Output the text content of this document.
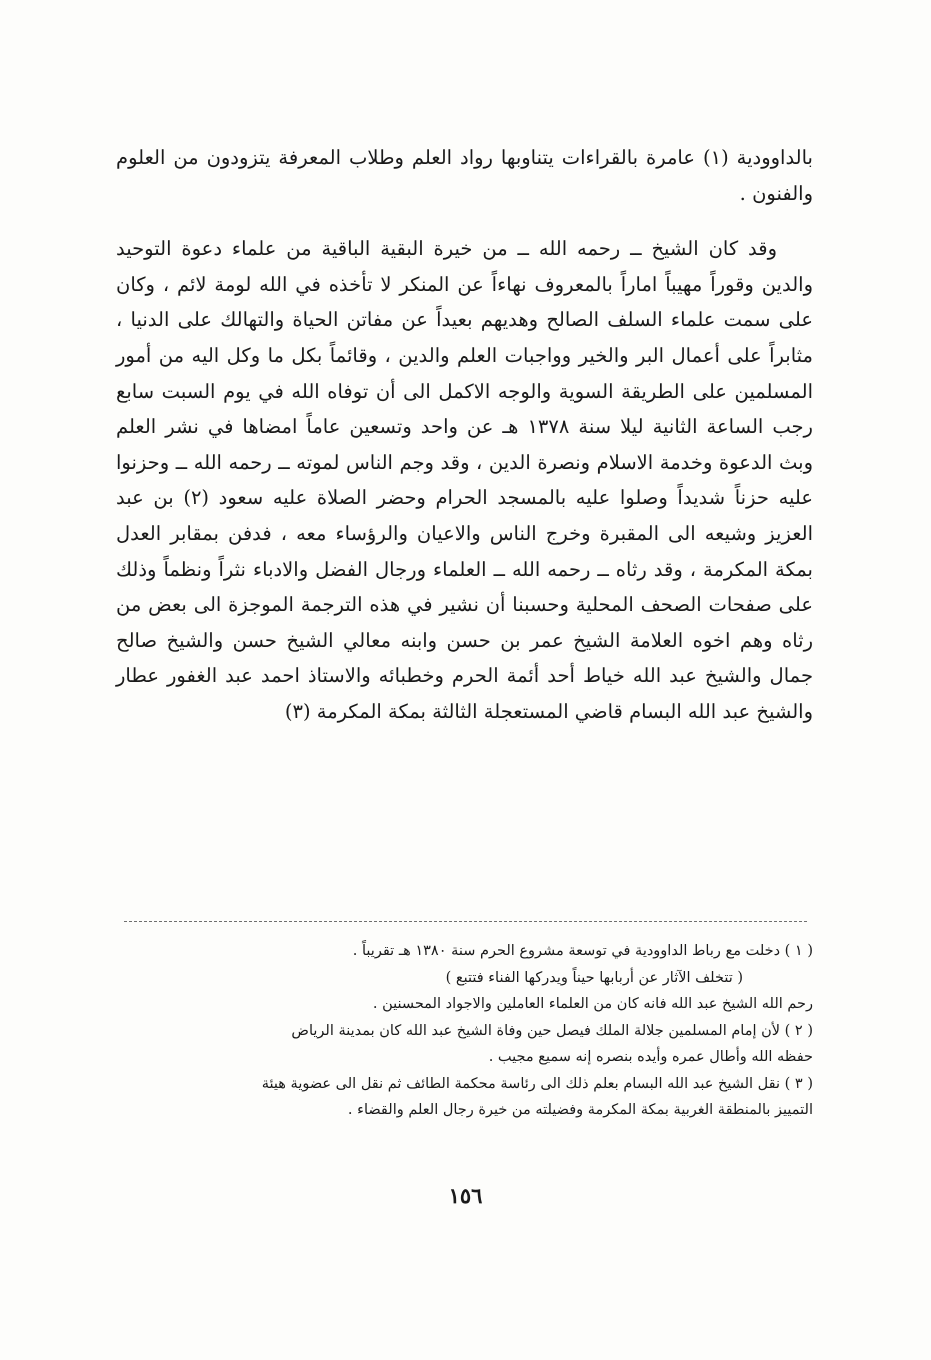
بالداوودية (١) عامرة بالقراءات يتناوبها رواد العلم وطلاب المعرفة يتزودون من العلوم والفنون .

وقد كان الشيخ ــ رحمه الله ــ من خيرة البقية الباقية من علماء دعوة التوحيد والدين وقوراً مهيباً اماراً بالمعروف نهاءاً عن المنكر لا تأخذه في الله لومة لائم ، وكان على سمت علماء السلف الصالح وهديهم بعيداً عن مفاتن الحياة والتهالك على الدنيا ، مثابراً على أعمال البر والخير وواجبات العلم والدين ، وقائماً بكل ما وكل اليه من أمور المسلمين على الطريقة السوية والوجه الاكمل الى أن توفاه الله في يوم السبت سابع رجب الساعة الثانية ليلا سنة ١٣٧٨ هـ عن واحد وتسعين عاماً امضاها في نشر العلم وبث الدعوة وخدمة الاسلام ونصرة الدين ، وقد وجم الناس لموته ــ رحمه الله ــ وحزنوا عليه حزناً شديداً وصلوا عليه بالمسجد الحرام وحضر الصلاة عليه سعود (٢) بن عبد العزيز وشيعه الى المقبرة وخرج الناس والاعيان والرؤساء معه ، فدفن بمقابر العدل بمكة المكرمة ، وقد رثاه ــ رحمه الله ــ العلماء ورجال الفضل والادباء نثراً ونظماً وذلك على صفحات الصحف المحلية وحسبنا أن نشير في هذه الترجمة الموجزة الى بعض من رثاه وهم اخوه العلامة الشيخ عمر بن حسن وابنه معالي الشيخ حسن والشيخ صالح جمال والشيخ عبد الله خياط أحد أئمة الحرم وخطبائه والاستاذ احمد عبد الغفور عطار والشيخ عبد الله البسام قاضي المستعجلة الثالثة بمكة المكرمة (٣)

( ١ ) دخلت مع رباط الداوودية في توسعة مشروع الحرم سنة ١٣٨٠ هـ تقريباً .

( تتخلف الآثار عن أربابها حيناً ويدركها الفناء فتتبع )

رحم الله الشيخ عبد الله فانه كان من العلماء العاملين والاجواد المحسنين .

( ٢ ) لأن إمام المسلمين جلالة الملك فيصل حين وفاة الشيخ عبد الله كان بمدينة الرياض

حفظه الله وأطال عمره وأيده بنصره إنه سميع مجيب .

( ٣ ) نقل الشيخ عبد الله البسام بعلم ذلك الى رئاسة محكمة الطائف ثم نقل الى عضوية هيئة

التمييز بالمنطقة الغربية بمكة المكرمة وفضيلته من خيرة رجال العلم والقضاء .

١٥٦
